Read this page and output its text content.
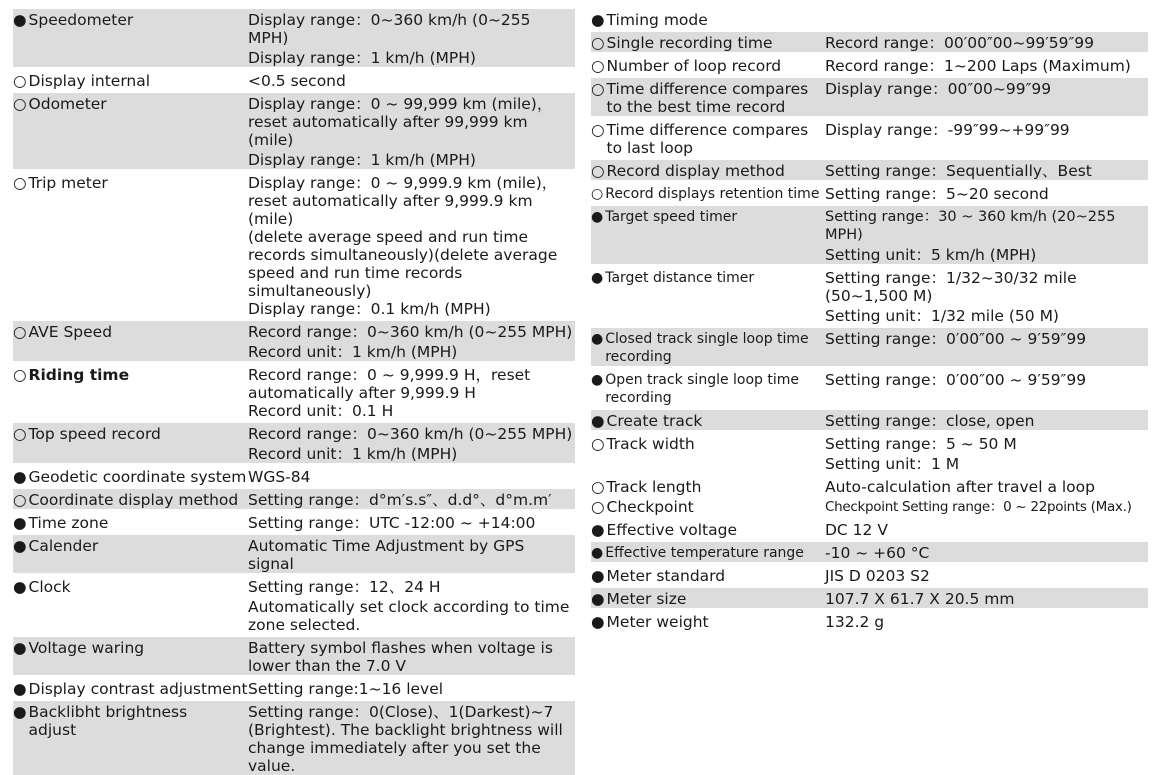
● Speedometer	Display range：0~360 km/h (0~255 MPH)
Display range：1 km/h (MPH)
○ Display internal	<0.5 second
○ Odometer	Display range：0 ~ 99,999 km (mile)，
reset automatically after 99,999 km (mile)
Display range：1 km/h (MPH)
○ Trip meter	Display range：0 ~ 9,999.9 km (mile)，
reset automatically after 9,999.9 km (mile)
(delete average speed and run time
records simultaneously)(delete average
speed and run time records simultaneously)
Display range：0.1 km/h (MPH)
○ AVE Speed	Record range：0~360 km/h (0~255 MPH)
Record unit：1 km/h (MPH)
○ Riding time	Record range：0 ~ 9,999.9 H，reset
automatically after 9,999.9 H
Record unit：0.1 H

○ Top speed record	Record range：0~360 km/h (0~255 MPH)
Record unit：1 km/h (MPH)
● Geodetic coordinate system WGS-84
○ Coordinate display method Setting range：d°m′s.s″、d.d°、d°m.m′
● Time zone	Setting range：UTC -12:00 ~ +14:00
● Calender	Automatic Time Adjustment by GPS signal
● Clock	Setting range：12、24 H
Automatically set clock according to time
zone selected.

● Voltage waring	Battery symbol flashes when voltage is
lower than the 7.0 V
● Display contrast adjustment Setting range:1~16 level
● Backlibht brightness
adjust
Setting range：0(Close)、1(Darkest)~7
(Brightest). The backlight brightness will
change immediately after you set the value.
● Timing mode
○ Single recording time	Record range：00′00″00~99′59″99
○ Number of loop record	Record range：1~200 Laps (Maximum)
○ Time difference compares
to the best time record
Display range：00″00~99″99
○ Time difference compares
to last loop
Display range：-99″99~+99″99
○ Record display method	Setting range：Sequentially、Best
○ Record displays retention time Setting range：5~20 second
● Target speed timer	Setting range：30 ~ 360 km/h (20~255 MPH)
Setting unit：5 km/h (MPH)
● Target distance timer	Setting range：1/32~30/32 mile
(50~1,500 M)
Setting unit：1/32 mile (50 M)
● Closed track single loop time
recording
Setting range：0′00″00 ~ 9′59″99
● Open track single loop time
recording
Setting range：0′00″00 ~ 9′59″99
● Create track	Setting range：close, open
○ Track width	Setting range：5 ~ 50 M
Setting unit：1 M
○ Track length	Auto-calculation after travel a loop
○ Checkpoint	Checkpoint Setting range：0 ~ 22points (Max.)
● Effective voltage	DC 12 V
● Effective temperature range -10 ~ +60 °C
● Meter standard	JIS D 0203 S2
● Meter size	107.7 X 61.7 X 20.5 mm
● Meter weight	132.2 g
